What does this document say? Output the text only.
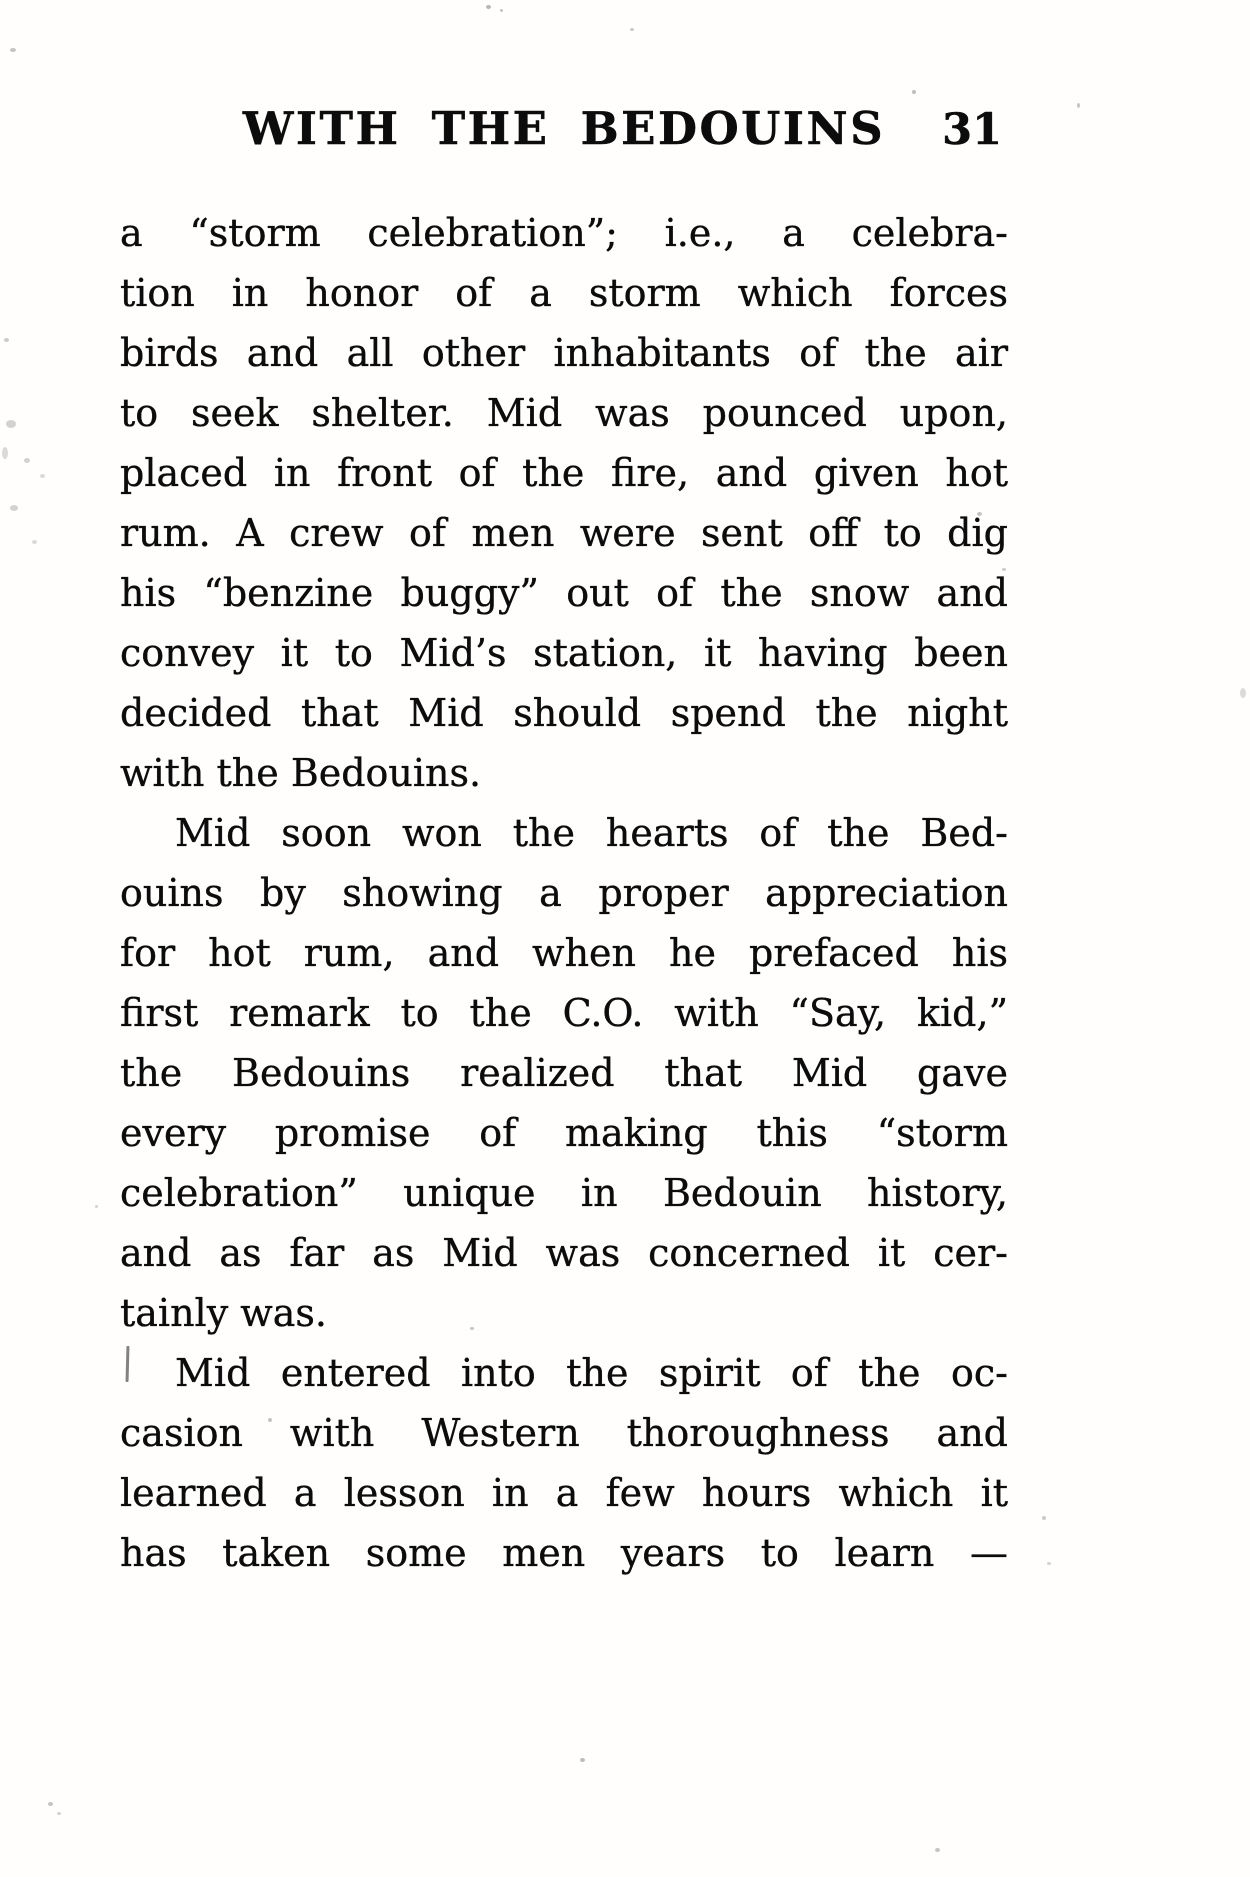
WITH THE BEDOUINS 31
a “storm celebration”; i.e., a celebra-
tion in honor of a storm which forces
birds and all other inhabitants of the air
to seek shelter. Mid was pounced upon,
placed in front of the fire, and given hot
rum. A crew of men were sent off to dig
his “benzine buggy” out of the snow and
convey it to Mid’s station, it having been
decided that Mid should spend the night
with the Bedouins.
Mid soon won the hearts of the Bed-
ouins by showing a proper appreciation
for hot rum, and when he prefaced his
first remark to the C.O. with “Say, kid,”
the Bedouins realized that Mid gave
every promise of making this “storm
celebration” unique in Bedouin history,
and as far as Mid was concerned it cer-
tainly was.
Mid entered into the spirit of the oc-
casion with Western thoroughness and
learned a lesson in a few hours which it
has taken some men years to learn —
